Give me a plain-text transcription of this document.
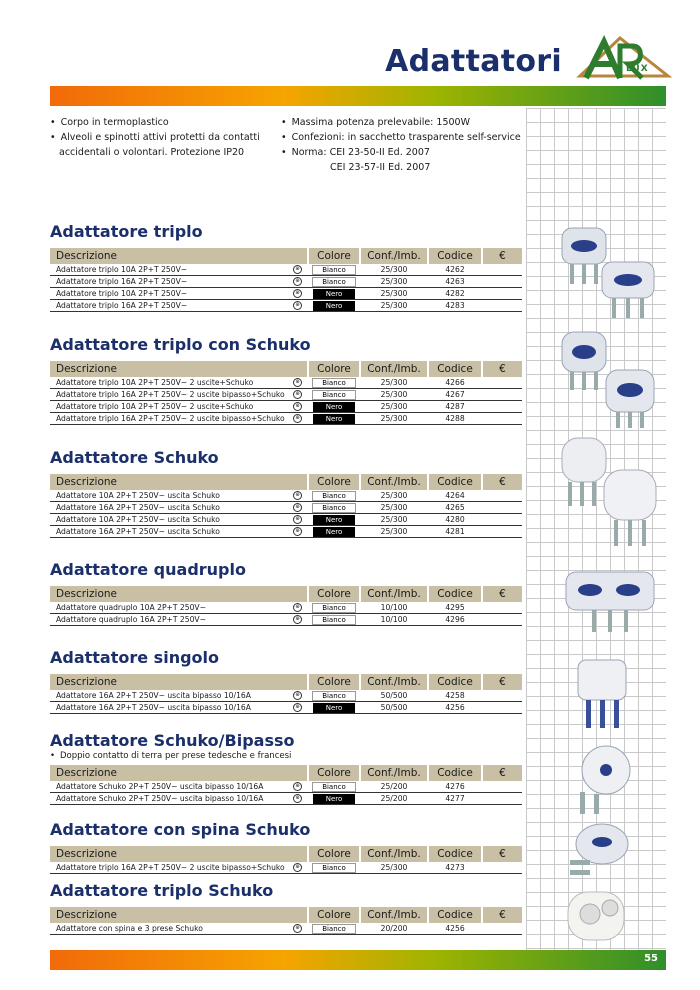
Adattatori	LUX
• Corpo in termoplastico
• Alveoli e spinotti attivi protetti da contatti
accidentali o volontari. Protezione IP20
• Massima potenza prelevabile: 1500W
• Confezioni: in sacchetto trasparente self-service
• Norma: CEI 23-50-II Ed. 2007
CEI 23-57-II Ed. 2007
Adattatore triplo
Descrizione	Colore	Conf./Imb.	Codice	€
Adattatore triplo 10A 2P+T 250V~ ⊕	Bianco	25/300	4262	
Adattatore triplo 16A 2P+T 250V~ ⊕	Bianco	25/300	4263	
Adattatore triplo 10A 2P+T 250V~ ⊕	Nero	25/300	4282	
Adattatore triplo 16A 2P+T 250V~ ⊕	Nero	25/300	4283	
Adattatore triplo con Schuko
Descrizione	Colore	Conf./Imb.	Codice	€
Adattatore triplo 10A 2P+T 250V~ 2 uscite+Schuko ⊕	Bianco	25/300	4266	
Adattatore triplo 16A 2P+T 250V~ 2 uscite bipasso+Schuko ⊕	Bianco	25/300	4267	
Adattatore triplo 10A 2P+T 250V~ 2 uscite+Schuko ⊕	Nero	25/300	4287	
Adattatore triplo 16A 2P+T 250V~ 2 uscite bipasso+Schuko ⊕	Nero	25/300	4288	
Adattatore Schuko
Descrizione	Colore	Conf./Imb.	Codice	€
Adattatore 10A 2P+T 250V~ uscita Schuko ⊕	Bianco	25/300	4264	
Adattatore 16A 2P+T 250V~ uscita Schuko ⊕	Bianco	25/300	4265	
Adattatore 10A 2P+T 250V~ uscita Schuko ⊕	Nero	25/300	4280	
Adattatore 16A 2P+T 250V~ uscita Schuko ⊕	Nero	25/300	4281	
Adattatore quadruplo
Descrizione	Colore	Conf./Imb.	Codice	€
Adattatore quadruplo 10A 2P+T 250V~ ⊕	Bianco	10/100	4295	
Adattatore quadruplo 16A 2P+T 250V~ ⊕	Bianco	10/100	4296	
Adattatore singolo
Descrizione	Colore	Conf./Imb.	Codice	€
Adattatore 16A 2P+T 250V~ uscita bipasso 10/16A ⊕	Bianco	50/500	4258	
Adattatore 16A 2P+T 250V~ uscita bipasso 10/16A ⊕	Nero	50/500	4256	
Adattatore Schuko/Bipasso
• Doppio contatto di terra per prese tedesche e francesi
Descrizione	Colore	Conf./Imb.	Codice	€
Adattatore Schuko 2P+T 250V~ uscita bipasso 10/16A ⊕	Bianco	25/200	4276	
Adattatore Schuko 2P+T 250V~ uscita bipasso 10/16A ⊕	Nero	25/200	4277	
Adattatore con spina Schuko
Descrizione	Colore	Conf./Imb.	Codice	€
Adattatore triplo 16A 2P+T 250V~ 2 uscite bipasso+Schuko ⊕	Bianco	25/300	4273	
Adattatore triplo Schuko
Descrizione	Colore	Conf./Imb.	Codice	€
Adattatore con spina e 3 prese Schuko ⊕	Bianco	20/200	4256	
55
